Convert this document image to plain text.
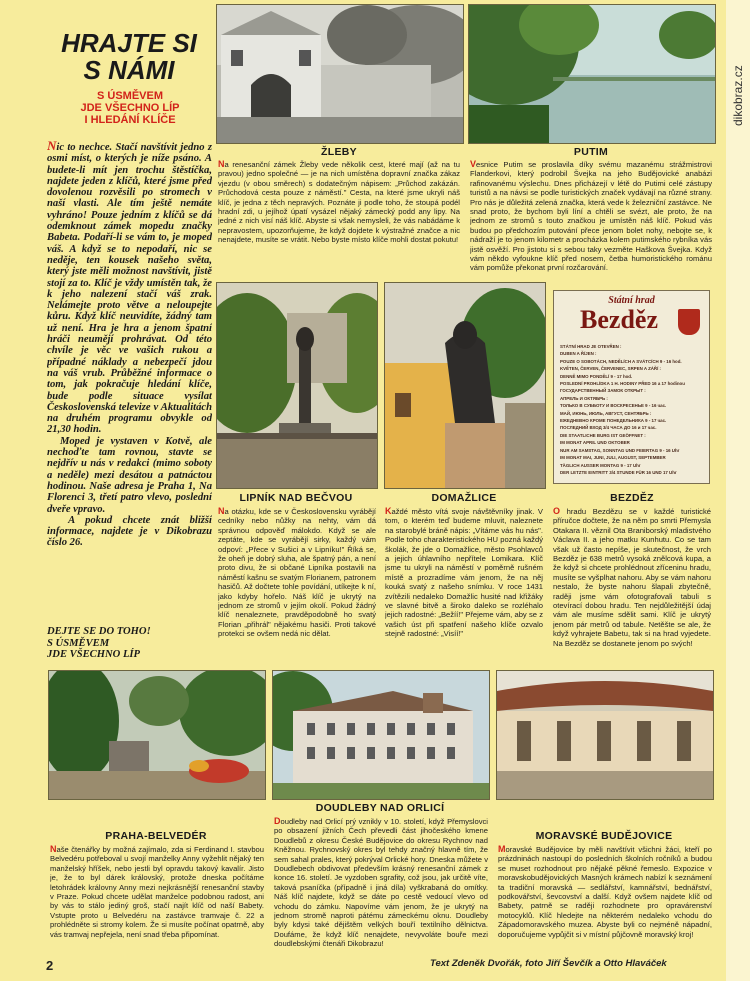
dikobraz.cz
HRAJTE SI
S NÁMI
S ÚSMĚVEM
JDE VŠECHNO LÍP
I HLEDÁNÍ KLÍČE
Nic to nechce. Stačí navštívit jedno z osmi míst, o kterých je níže psáno. A budete-li mít jen trochu štěstíčka, najdete jeden z klíčů, které jsme před dovolenou rozvěsili po stromech v naší vlasti. Ale tím ještě nemáte vyhráno! Pouze jedním z klíčů se dá odemknout zámek mopedu značky Babeta. Podaří-li se vám to, je moped váš. A když se to nepodaří, nic se neděje, ten kousek našeho světa, který jste měli možnost navštívit, jistě stojí za to. Klíč je vždy umístěn tak, že k jeho nalezení stačí váš zrak. Nelámejte proto větve a neloupejte kůru. Když klíč neuvidíte, žádný tam už není. Hra je hra a jenom špatní hráči neumějí prohrávat. Od této chvíle je věc ve vašich rukou a případné náklady a nebezpečí jdou na váš vrub. Průběžné informace o tom, jak pokračuje hledání klíče, bude podle situace vysílat Československá televize v Aktualitách na druhém programu obvykle od 21,30 hodin.
Moped je vystaven v Kotvě, ale nechoďte tam rovnou, stavte se nejdřív u nás v redakci (mimo soboty a neděle) mezi desátou a patnáctou hodinou. Naše adresa je Praha 1, Na Florenci 3, třetí patro vlevo, poslední dveře vpravo.
A pokud chcete znát bližší informace, najdete je v Dikobrazu číslo 26.
DEJTE SE DO TOHO!
S ÚSMĚVEM
JDE VŠECHNO LÍP
ŽLEBY	PUTIM
Na renesanční zámek Žleby vede několik cest, které mají (až na tu pravou) jedno společné — je na nich umístěna dopravní značka zákaz vjezdu (v obou směrech) s dodatečným nápisem: „Průchod zakázán. Průchodová cesta pouze z náměstí." Cesta, na které jsme ukryli náš klíč, je jedna z těch nepravých. Poznáte ji podle toho, že stoupá podél hradní zdi, u jejíhož úpatí vysázel nějaký zámecký podd any lipy. Na jedné z nich visí náš klíč. Abyste si však nemysleli, že vás nabádáme k nepravostem, upozorňujeme, že když dojdete k výstražné značce a nic nenajdete, musíte se vrátit. Nebo byste místo klíče mohli dostat pokutu!
Vesnice Putim se proslavila díky svému mazanému strážmistrovi Flanderkovi, který podrobil Švejka na jeho Budějovické anabázi rafinovanému výslechu. Dnes přicházejí v létě do Putimi celé zástupy turistů a na návsi se podle turistických značek vydávají na různé strany. Pro nás je důležitá zelená značka, která vede k železniční zastávce. Ne snad proto, že bychom byli líní a chtěli se svézt, ale proto, že na jednom ze stromů s touto značkou je umístěn náš klíč. Pokud vás budou po předchozím putování přece jenom bolet nohy, nebojte se, k nádraží je to jenom kilometr a procházka kolem putimského rybníka vás jistě osvěží. Pro jistotu si s sebou taky vezměte Haškova Švejka. Když vám někdo vyfoukne klíč před nosem, četba humoristického románu vám pomůže překonat první rozčarování.
Státní hrad
Bezděz
STÁTNÍ HRAD JE OTEVŘEN :
DUBEN A ŘÍJEN :
POUZE O SOBOTÁCH, NEDĚLÍCH A SVÁTCÍCH 9 - 16 hod.
KVĚTEN, ČERVEN, ČERVENEC, SRPEN A ZÁŘÍ :
DENNĚ MIMO PONDĚLÍ 9 - 17 hod.
POSLEDNÍ PROHLÍDKA 1 H. HODINY PŘED 16 a 17 hodinou
ГОСУДАРСТВЕННЫЙ ЗАМОК ОТКРЫТ :
АПРЕЛЬ И ОКТЯБРЬ :
ТОЛЬКО В СУББОТУ И ВОСКРЕСЕНЬЕ 9 - 16 час.
МАЙ, ИЮНЬ, ИЮЛЬ, АВГУСТ, СЕНТЯБРЬ :
ЕЖЕДНЕВНО КРОМЕ ПОНЕДЕЛЬНИКА 9 - 17 час.
ПОСЛЕДНИЙ ВХОД 3/4 ЧАСА ДО 16 и 17 час.
DIE STAATLICHE BURG IST GEÖFFNET :
IM MONAT APRIL UND OKTOBER
NUR AM SAMSTAG, SONNTAG UND FEIERTAG 9 - 16 Uhr
IM MONAT MAI, JUNI, JULI, AUGUST, SEPTEMBER
TÄGLICH AUSSER MONTAG 9 - 17 Uhr
DER LETZTE EINTRITT 3/4 STUNDE FÜR 16 UND 17 Uhr
LIPNÍK NAD BEČVOU	DOMAŽLICE	BEZDĚZ
Na otázku, kde se v Československu vyrábějí cedníky nebo nůžky na nehty, vám dá správnou odpověď málokdo. Když se ale zeptáte, kde se vyrábějí sirky, každý vám odpoví: „Přece v Sušici a v Lipníku!" Říká se, že oheň je dobrý sluha, ale špatný pán, a není proto divu, že si občané Lipníka postavili na náměstí kašnu se svatým Florianem, patronem hasičů. Až dočtete tohle povídání, utíkejte k ní, jako kdyby hořelo. Náš klíč je ukrytý na jednom ze stromů v jejím okolí. Pokud žádný klíč nenaleznete, pravděpodobně ho svatý Florian „přihrál" nějakému hasiči. Proti takové protekci se ovšem nedá nic dělat.
Každé město vítá svoje návštěvníky jinak. V tom, o kterém teď budeme mluvit, naleznete na starobylé bráně nápis: „Vítáme vás hu nás". Podle toho charakteristického HU pozná každý školák, že jde o Domažlice, město Psohlavců a jejich úhlavního nepřítele Lomikara. Klíč jsme tu ukryli na náměstí v poměrně rušném místě a prozradíme vám jenom, že na něj kouká svatý z našeho snímku. V roce 1431 zvítězili nedaleko Domažlic husité nad křižáky ve slavné bitvě a široko daleko se rozléhalo jejich radostné: „Bežíí!" Přejeme vám, aby se z vašich úst při spatření našeho klíče ozvalo stejně radostné: „Visíí!"
O hradu Bezdězu se v každé turistické příručce dočtete, že na něm po smrti Přemysla Otakara II. věznil Ota Braniborský mladistvého Václava II. a jeho matku Kunhutu. Co se tam však už často nepíše, je skutečnost, že vrch Bezděz je 638 metrů vysoká znělcová kupa, a že když si chcete prohlédnout zříceninu hradu, musíte se vyšplhat nahoru. Aby se vám nahoru nestalo, že byste nahoru šlapali zbytečně, raději jsme vám ofotografovali tabuli s otevírací dobou hradu. Ten nejdůležitější údaj vám ale musíme sdělit sami. Klíč je ukrytý jenom pár metrů od tabule. Netěšte se ale, že když vyhrajete Babetu, tak si na hrad vyjedete. Na Bezděz se dostanete jenom po svých!
PRAHA-BELVEDÉR
DOUDLEBY NAD ORLICÍ
MORAVSKÉ BUDĚJOVICE
Naše čtenářky by možná zajímalo, zda si Ferdinand I. stavbou Belvedéru potřeboval u svojí manželky Anny vyžehlit nějaký ten manželský hříšek, nebo jestli byl opravdu takový kavalír. Jisto je, že to byl dárek královský, protože dneska počítáme letohrádek královny Anny mezi nejkrásnější renesanční stavby v Praze. Pokud chcete udělat manželce podobnou radost, ani by vás to stálo jediný groš, stačí najít klíč od naší Babety. Vstupte proto u Belvedéru na zastávce tramvaje č. 22 a prohlédněte si stromy kolem. Že si musíte počínat opatrně, aby vás tramvaj nepřejela, není snad třeba připomínat.
Doudleby nad Orlicí prý vznikly v 10. století, když Přemyslovci po obsazení jižních Čech převedli část jihočeského kmene Doudlebů z okresu České Budějovice do okresu Rychnov nad Kněžnou. Rychnovský okres byl tehdy značný hlavně tím, že sem sahal prales, který pokrýval Orlické hory. Dneska můžete v Doudlebech obdivovat především krásný renesanční zámek z konce 16. století. Je vyzdoben sgrafity, což jsou, jak určitě víte, taková psaníčka (případně i jiná díla) vyškrabaná do omítky. Náš klíč najdete, když se dáte po cestě vedoucí vlevo od vchodu do zámku. Napovíme vám jenom, že je ukrytý na jednom stromě naproti pátému zámeckému oknu. Doudleby byly kdysi také dějištěm velkých bouří textilního dělnictva. Doufáme, že když klíč nenajdete, nevyvoláte bouře mezi doudlebskými čtenáři Dikobrazu!
Moravské Budějovice by měli navštívit všichni žáci, kteří po prázdninách nastoupí do posledních školních ročníků a budou se muset rozhodnout pro nějaké pěkné řemeslo. Expozice v moravskobudějovických Masných krámech nabízí k seznámení ta tradiční moravská — sedlářství, kamnářství, bednářství, podkovářství, ševcovství a další. Když ovšem najdete klíč od Babety, patrně se raději rozhodnete pro opravárenství motocyklů. Klíč hledejte na některém nedaleko vchodu do Západomoravského muzea. Abyste byli co nejméně nápadní, doporučujeme vypůjčit si v místní půjčovně moravský kroj!
2	Text Zdeněk Dvořák, foto Jiří Ševčík a Otto Hlaváček
